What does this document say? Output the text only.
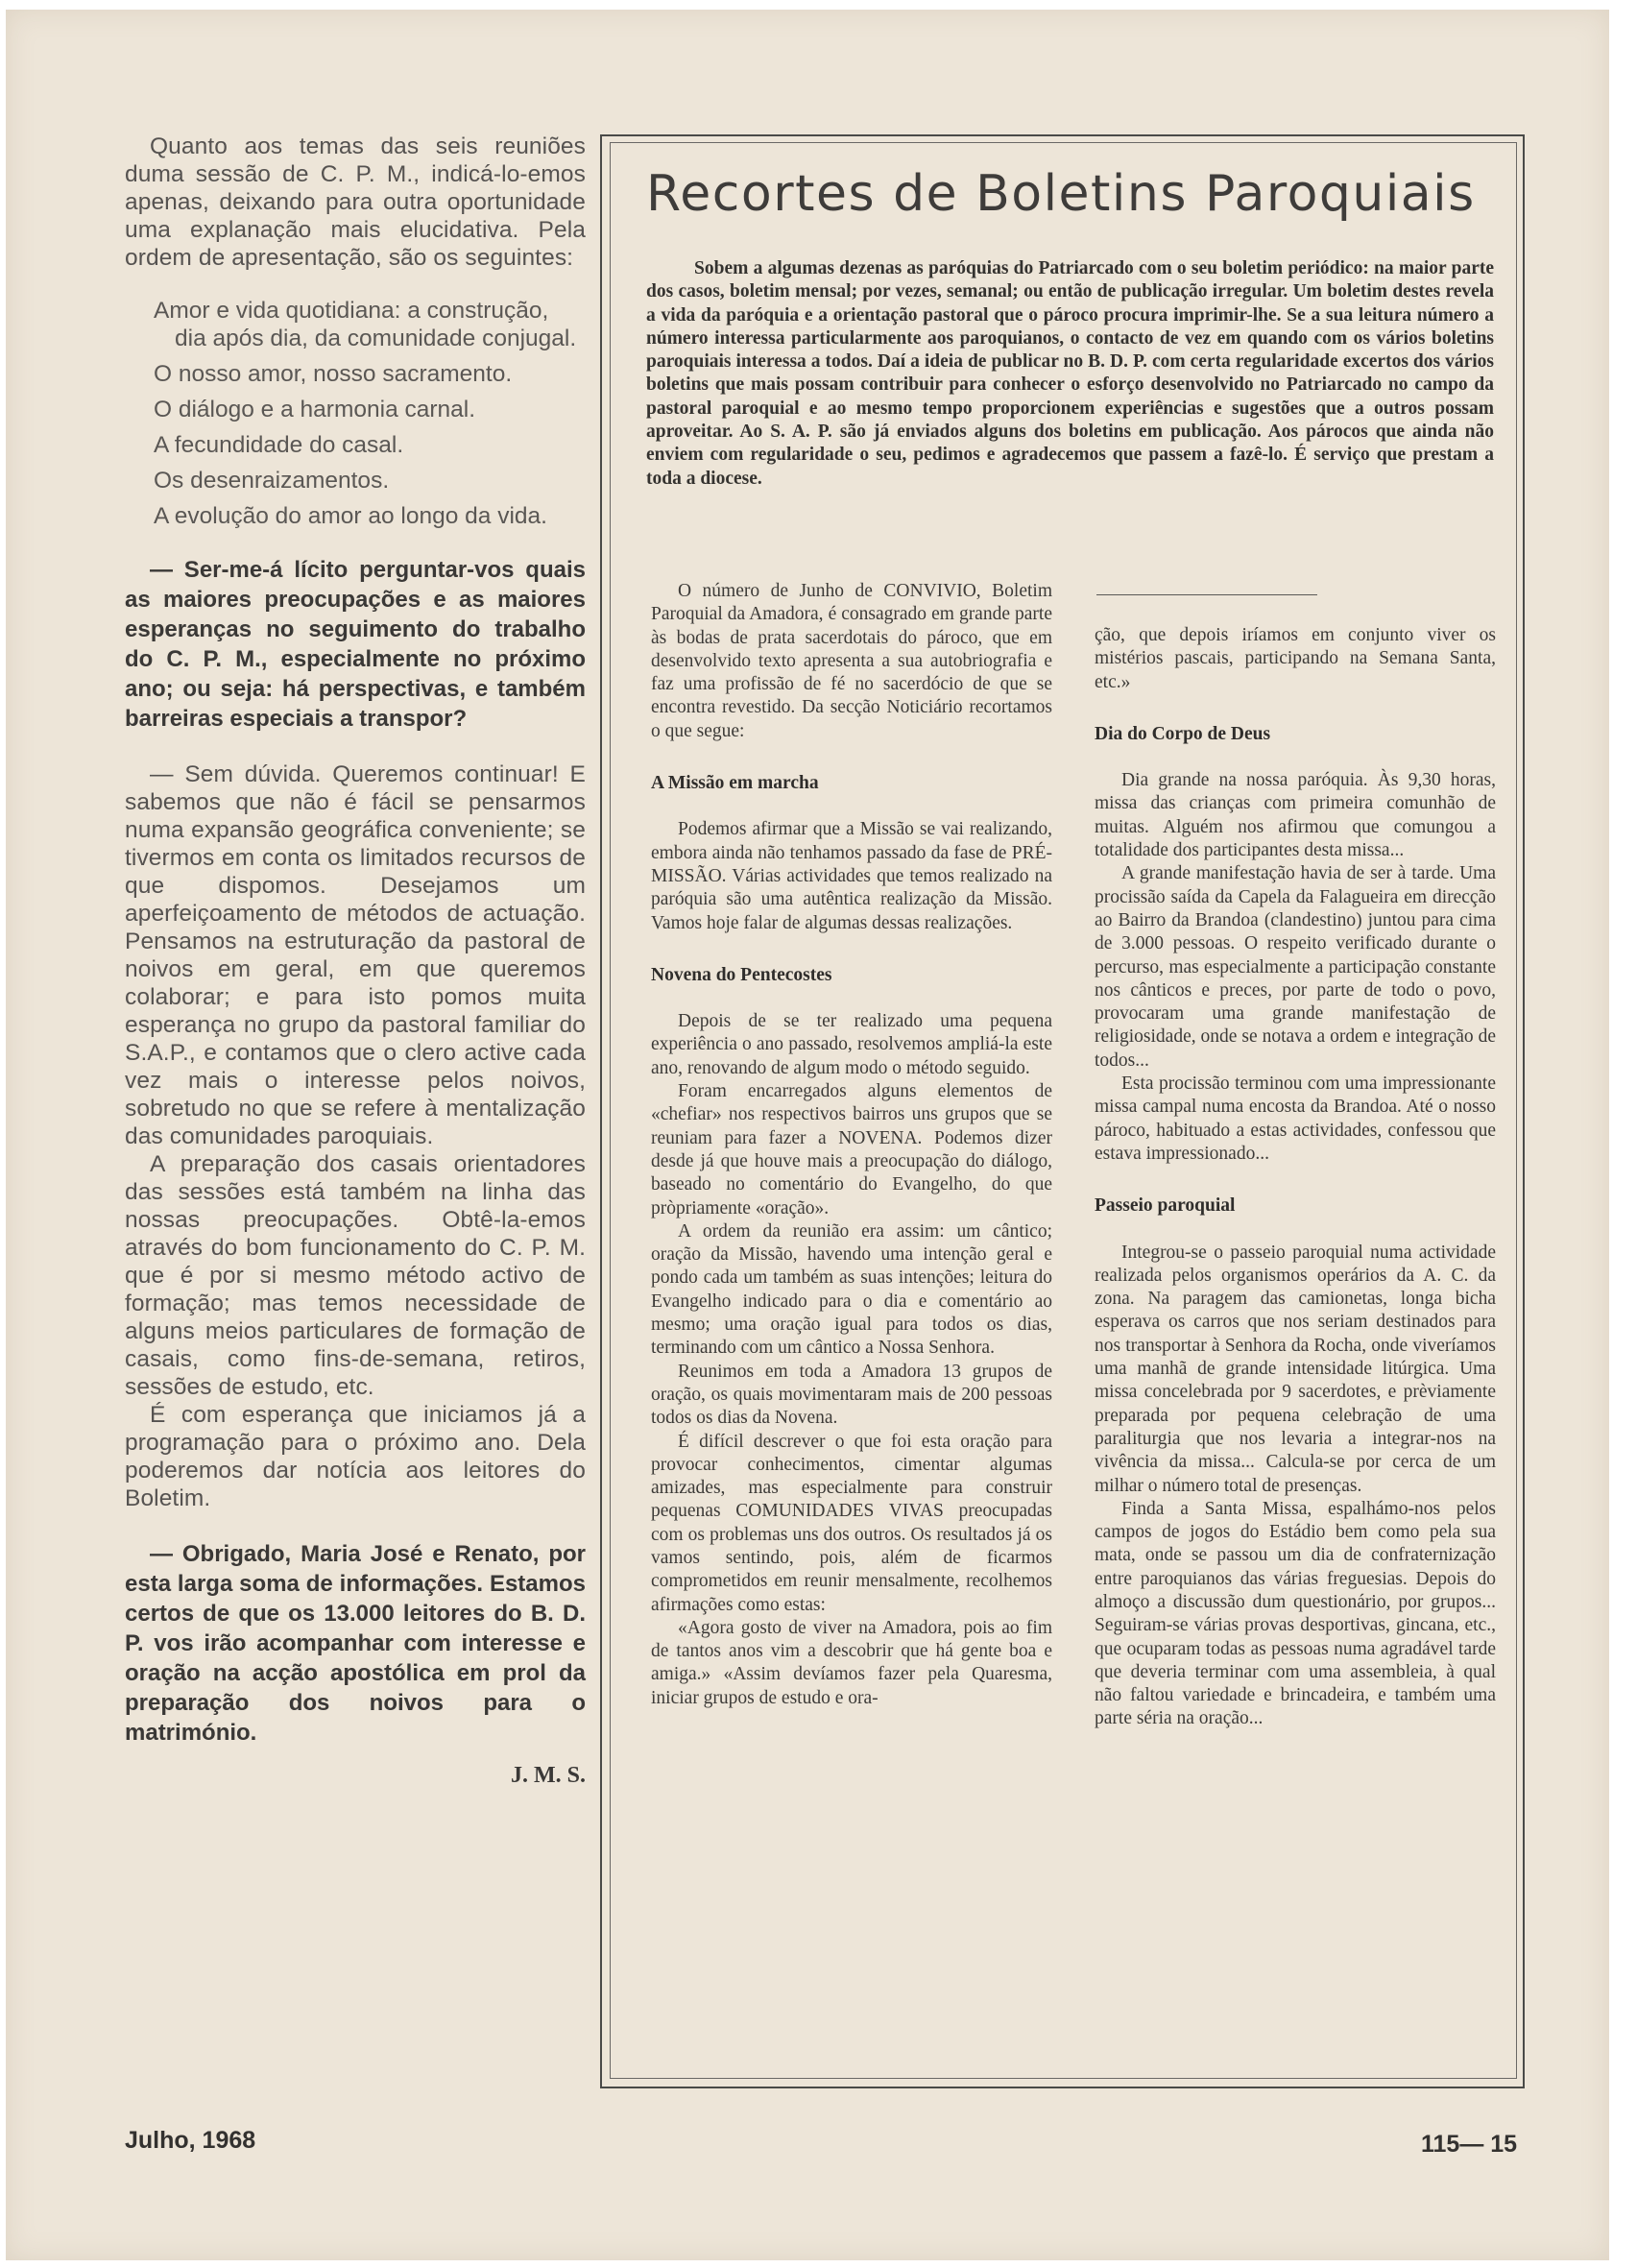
Quanto aos temas das seis reuniões duma sessão de C. P. M., indicá-lo-emos apenas, deixando para outra oportunidade uma explanação mais elucidativa. Pela ordem de apresentação, são os seguintes:

Amor e vida quotidiana: a construção, dia após dia, da comunidade conjugal.
O nosso amor, nosso sacramento.
O diálogo e a harmonia carnal.
A fecundidade do casal.
Os desenraizamentos.
A evolução do amor ao longo da vida.

— Ser-me-á lícito perguntar-vos quais as maiores preocupações e as maiores esperanças no seguimento do trabalho do C. P. M., especialmente no próximo ano; ou seja: há perspectivas, e também barreiras especiais a transpor?

— Sem dúvida. Queremos continuar! E sabemos que não é fácil se pensarmos numa expansão geográfica conveniente; se tivermos em conta os limitados recursos de que dispomos. Desejamos um aperfeiçoamento de métodos de actuação. Pensamos na estruturação da pastoral de noivos em geral, em que queremos colaborar; e para isto pomos muita esperança no grupo da pastoral familiar do S.A.P., e contamos que o clero active cada vez mais o interesse pelos noivos, sobretudo no que se refere à mentalização das comunidades paroquiais.

A preparação dos casais orientadores das sessões está também na linha das nossas preocupações. Obtê-la-emos através do bom funcionamento do C. P. M. que é por si mesmo método activo de formação; mas temos necessidade de alguns meios particulares de formação de casais, como fins-de-semana, retiros, sessões de estudo, etc.

É com esperança que iniciamos já a programação para o próximo ano. Dela poderemos dar notícia aos leitores do Boletim.

— Obrigado, Maria José e Renato, por esta larga soma de informações. Estamos certos de que os 13.000 leitores do B. D. P. vos irão acompanhar com interesse e oração na acção apostólica em prol da preparação dos noivos para o matrimónio.

J. M. S.
Recortes de Boletins Paroquiais

Sobem a algumas dezenas as paróquias do Patriarcado com o seu boletim periódico: na maior parte dos casos, boletim mensal; por vezes, semanal; ou então de publicação irregular. Um boletim destes revela a vida da paróquia e a orientação pastoral que o pároco procura imprimir-lhe. Se a sua leitura número a número interessa particularmente aos paroquianos, o contacto de vez em quando com os vários boletins paroquiais interessa a todos. Daí a ideia de publicar no B. D. P. com certa regularidade excertos dos vários boletins que mais possam contribuir para conhecer o esforço desenvolvido no Patriarcado no campo da pastoral paroquial e ao mesmo tempo proporcionem experiências e sugestões que a outros possam aproveitar. Ao S. A. P. são já enviados alguns dos boletins em publicação. Aos párocos que ainda não enviem com regularidade o seu, pedimos e agradecemos que passem a fazê-lo. É serviço que prestam a toda a diocese.

O número de Junho de CONVIVIO, Boletim Paroquial da Amadora, é consagrado em grande parte às bodas de prata sacerdotais do pároco, que em desenvolvido texto apresenta a sua autobriografia e faz uma profissão de fé no sacerdócio de que se encontra revestido. Da secção Noticiário recortamos o que segue:

A Missão em marcha

Podemos afirmar que a Missão se vai realizando, embora ainda não tenhamos passado da fase de PRÉ-MISSÃO. Várias actividades que temos realizado na paróquia são uma autêntica realização da Missão. Vamos hoje falar de algumas dessas realizações.

Novena do Pentecostes

Depois de se ter realizado uma pequena experiência o ano passado, resolvemos ampliá-la este ano, renovando de algum modo o método seguido.

Foram encarregados alguns elementos de «chefiar» nos respectivos bairros uns grupos que se reuniam para fazer a NOVENA. Podemos dizer desde já que houve mais a preocupação do diálogo, baseado no comentário do Evangelho, do que pròpriamente «oração».

A ordem da reunião era assim: um cântico; oração da Missão, havendo uma intenção geral e pondo cada um também as suas intenções; leitura do Evangelho indicado para o dia e comentário ao mesmo; uma oração igual para todos os dias, terminando com um cântico a Nossa Senhora.

Reunimos em toda a Amadora 13 grupos de oração, os quais movimentaram mais de 200 pessoas todos os dias da Novena.

É difícil descrever o que foi esta oração para provocar conhecimentos, cimentar algumas amizades, mas especialmente para construir pequenas COMUNIDADES VIVAS preocupadas com os problemas uns dos outros. Os resultados já os vamos sentindo, pois, além de ficarmos comprometidos em reunir mensalmente, recolhemos afirmações como estas:

«Agora gosto de viver na Amadora, pois ao fim de tantos anos vim a descobrir que há gente boa e amiga.» «Assim devíamos fazer pela Quaresma, iniciar grupos de estudo e ora-

ção, que depois iríamos em conjunto viver os mistérios pascais, participando na Semana Santa, etc.»

Dia do Corpo de Deus

Dia grande na nossa paróquia. Às 9,30 horas, missa das crianças com primeira comunhão de muitas. Alguém nos afirmou que comungou a totalidade dos participantes desta missa...

A grande manifestação havia de ser à tarde. Uma procissão saída da Capela da Falagueira em direcção ao Bairro da Brandoa (clandestino) juntou para cima de 3.000 pessoas. O respeito verificado durante o percurso, mas especialmente a participação constante nos cânticos e preces, por parte de todo o povo, provocaram uma grande manifestação de religiosidade, onde se notava a ordem e integração de todos...

Esta procissão terminou com uma impressionante missa campal numa encosta da Brandoa. Até o nosso pároco, habituado a estas actividades, confessou que estava impressionado...

Passeio paroquial

Integrou-se o passeio paroquial numa actividade realizada pelos organismos operários da A. C. da zona. Na paragem das camionetas, longa bicha esperava os carros que nos seriam destinados para nos transportar à Senhora da Rocha, onde viveríamos uma manhã de grande intensidade litúrgica. Uma missa concelebrada por 9 sacerdotes, e prèviamente preparada por pequena celebração de uma paraliturgia que nos levaria a integrar-nos na vivência da missa... Calcula-se por cerca de um milhar o número total de presenças.

Finda a Santa Missa, espalhámo-nos pelos campos de jogos do Estádio bem como pela sua mata, onde se passou um dia de confraternização entre paroquianos das várias freguesias. Depois do almoço a discussão dum questionário, por grupos... Seguiram-se várias provas desportivas, gincana, etc., que ocuparam todas as pessoas numa agradável tarde que deveria terminar com uma assembleia, à qual não faltou variedade e brincadeira, e também uma parte séria na oração...

Julho, 1968	115— 15
